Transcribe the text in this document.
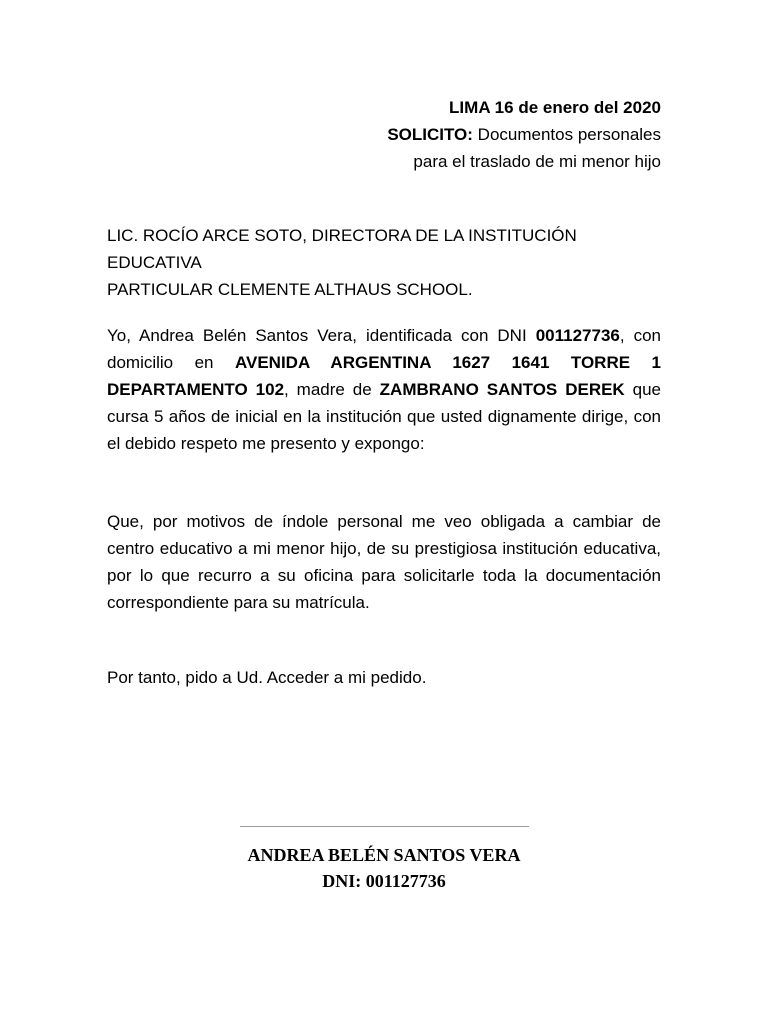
LIMA 16 de enero del 2020
SOLICITO: Documentos personales
para el traslado de mi menor hijo
LIC. ROCÍO ARCE SOTO, DIRECTORA DE LA INSTITUCIÓN EDUCATIVA
PARTICULAR CLEMENTE ALTHAUS SCHOOL.
Yo, Andrea Belén Santos Vera, identificada con DNI 001127736, con domicilio en AVENIDA ARGENTINA 1627 1641 TORRE 1 DEPARTAMENTO 102, madre de ZAMBRANO SANTOS DEREK que cursa 5 años de inicial en la institución que usted dignamente dirige, con el debido respeto me presento y expongo:
Que, por motivos de índole personal me veo obligada a cambiar de centro educativo a mi menor hijo, de su prestigiosa institución educativa, por lo que recurro a su oficina para solicitarle toda la documentación correspondiente para su matrícula.
Por tanto, pido a Ud. Acceder a mi pedido.
ANDREA BELÉN SANTOS VERA
DNI: 001127736
